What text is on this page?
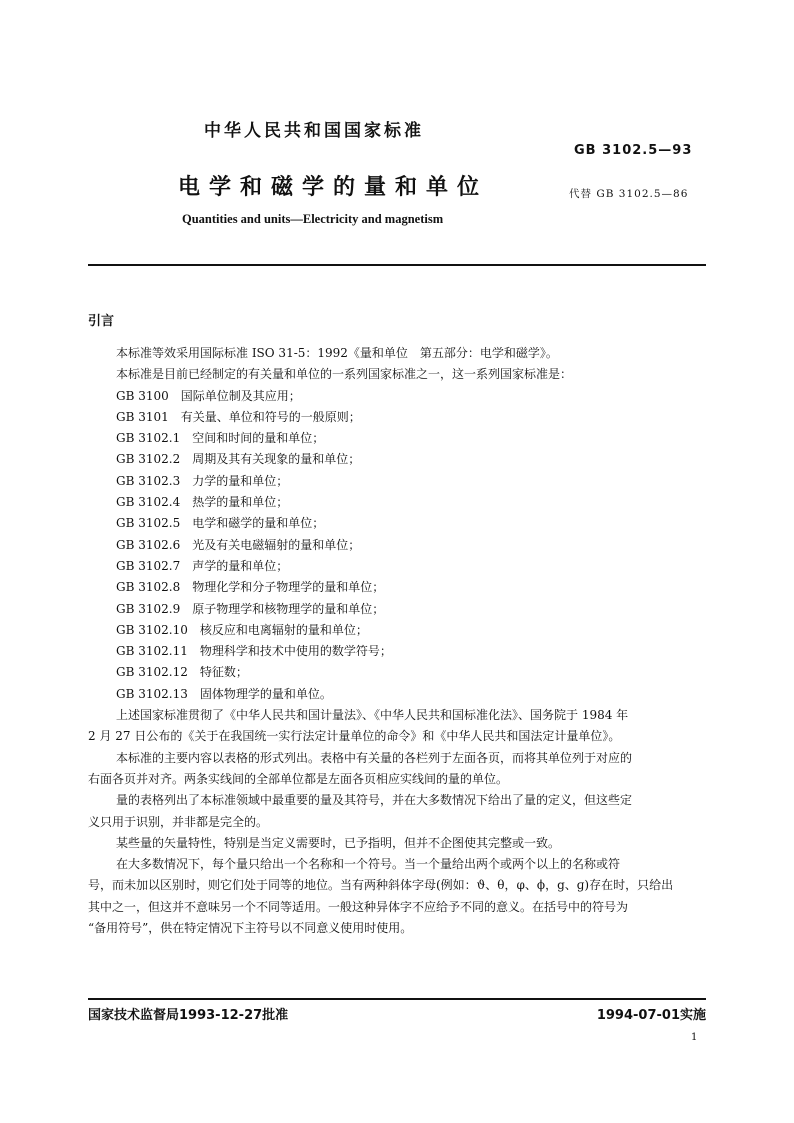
中华人民共和国国家标准
GB 3102.5—93
电学和磁学的量和单位	代替 GB 3102.5—86
Quantities and units—Electricity and magnetism
引言
本标准等效采用国际标准 ISO 31-5：1992《量和单位　第五部分：电学和磁学》。
本标准是目前已经制定的有关量和单位的一系列国家标准之一，这一系列国家标准是：
GB 3100　国际单位制及其应用；
GB 3101　有关量、单位和符号的一般原则；
GB 3102.1　空间和时间的量和单位；
GB 3102.2　周期及其有关现象的量和单位；
GB 3102.3　力学的量和单位；
GB 3102.4　热学的量和单位；
GB 3102.5　电学和磁学的量和单位；
GB 3102.6　光及有关电磁辐射的量和单位；
GB 3102.7　声学的量和单位；
GB 3102.8　物理化学和分子物理学的量和单位；
GB 3102.9　原子物理学和核物理学的量和单位；
GB 3102.10　核反应和电离辐射的量和单位；
GB 3102.11　物理科学和技术中使用的数学符号；
GB 3102.12　特征数；
GB 3102.13　固体物理学的量和单位。
上述国家标准贯彻了《中华人民共和国计量法》、《中华人民共和国标准化法》、国务院于 1984 年
2 月 27 日公布的《关于在我国统一实行法定计量单位的命令》和《中华人民共和国法定计量单位》。
本标准的主要内容以表格的形式列出。表格中有关量的各栏列于左面各页，而将其单位列于对应的
右面各页并对齐。两条实线间的全部单位都是左面各页相应实线间的量的单位。
量的表格列出了本标准领域中最重要的量及其符号，并在大多数情况下给出了量的定义，但这些定
义只用于识别，并非都是完全的。
某些量的矢量特性，特别是当定义需要时，已予指明，但并不企图使其完整或一致。
在大多数情况下，每个量只给出一个名称和一个符号。当一个量给出两个或两个以上的名称或符
号，而未加以区别时，则它们处于同等的地位。当有两种斜体字母(例如：ϑ、θ，φ、ϕ，g、ɡ)存在时，只给出
其中之一，但这并不意味另一个不同等适用。一般这种异体字不应给予不同的意义。在括号中的符号为
“备用符号”，供在特定情况下主符号以不同意义使用时使用。
国家技术监督局1993-12-27批准	1994-07-01实施
1
